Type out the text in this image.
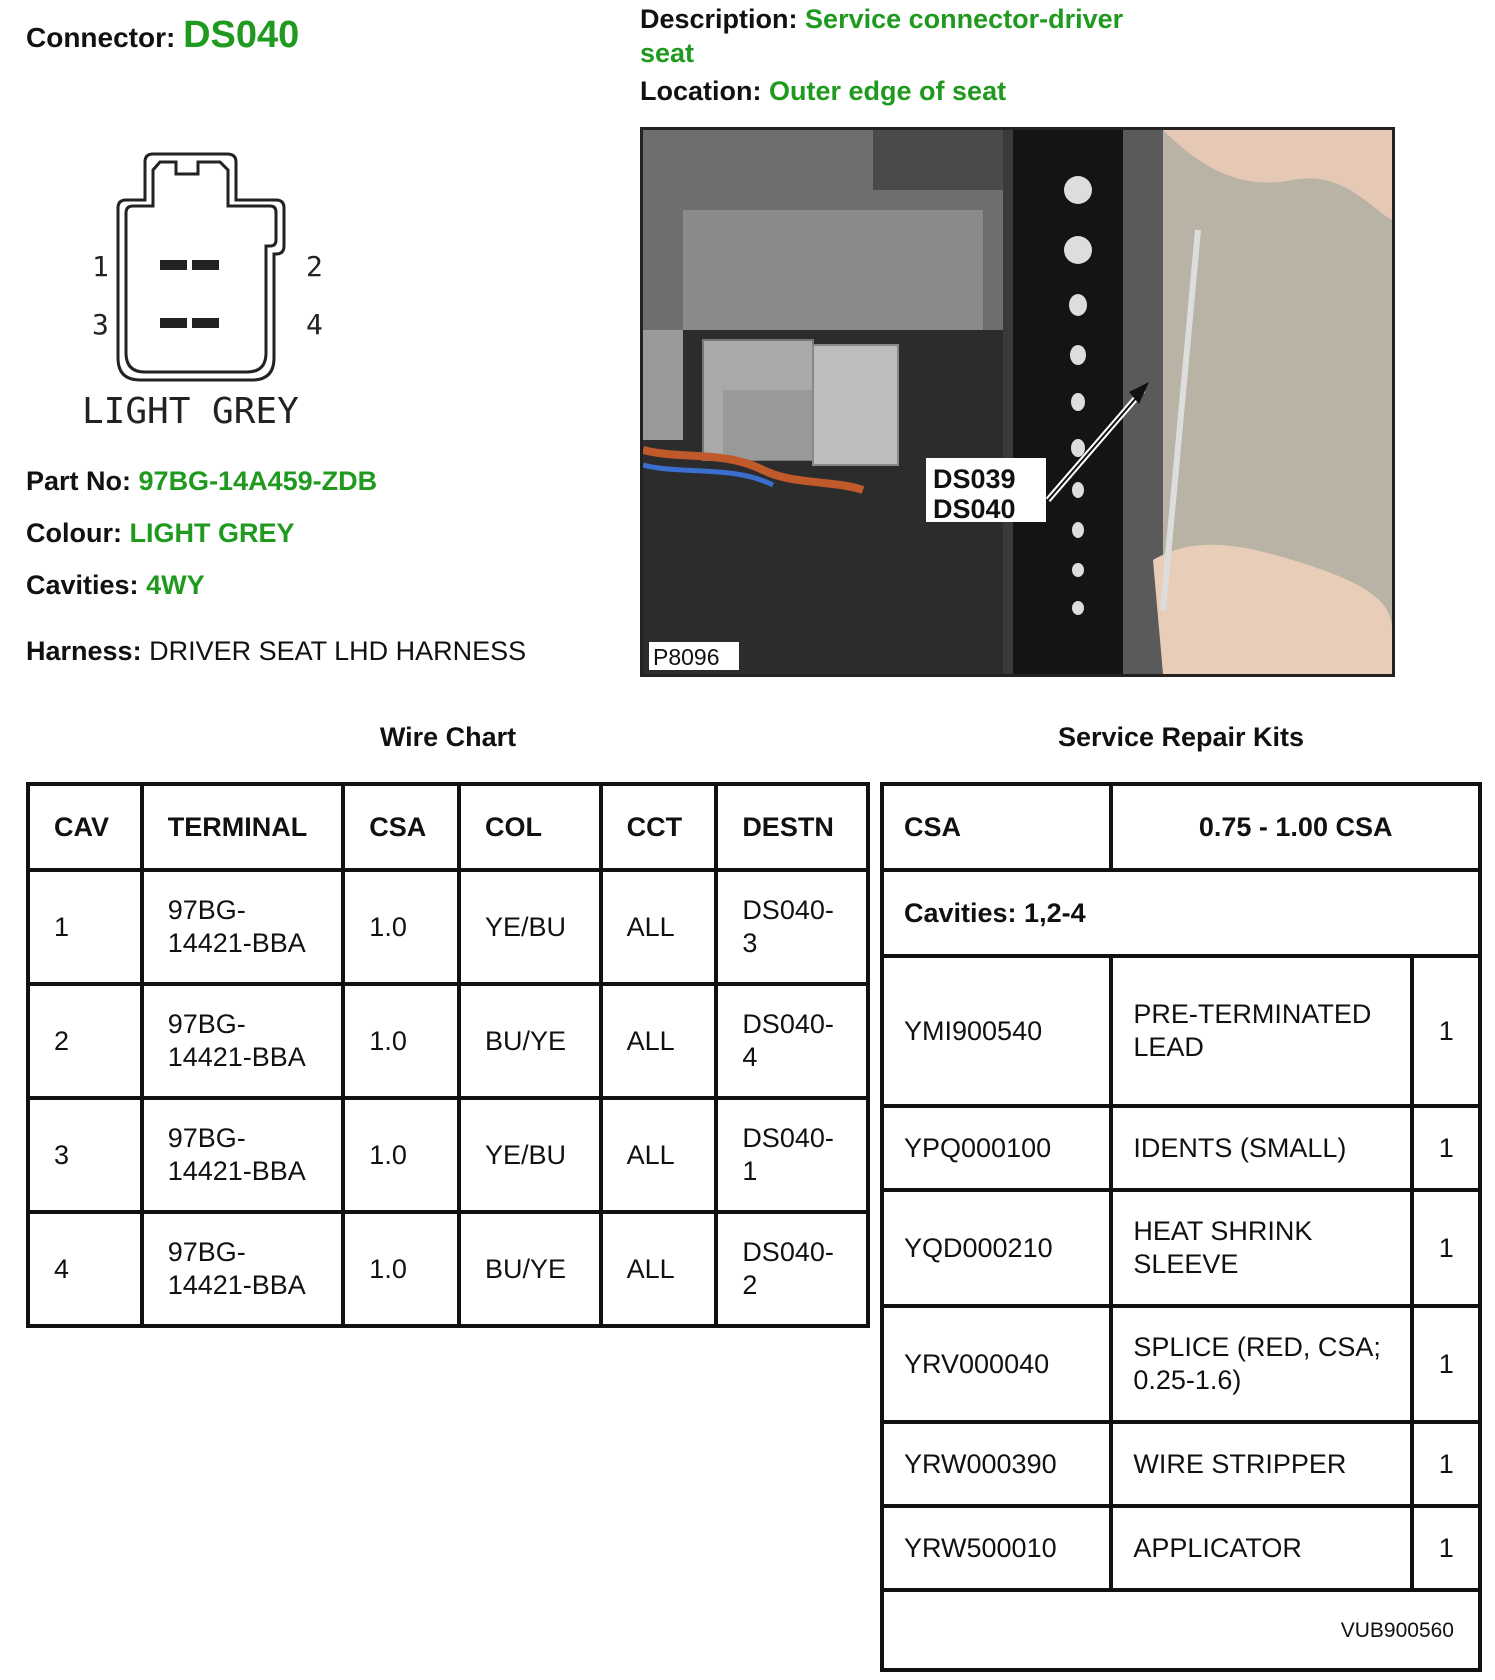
Connector: DS040	Description: Service connector-driver seat
Location: Outer edge of seat
1	2
3	4
LIGHT GREY
Part No: 97BG-14A459-ZDB
Colour: LIGHT GREY
Cavities: 4WY
Harness: DRIVER SEAT LHD HARNESS
DS039
DS040
P8096
Wire Chart	Service Repair Kits
CAV	TERMINAL	CSA	COL	CCT	DESTN
1	97BG-14421-BBA	1.0	YE/BU	ALL	DS040-3
2	97BG-14421-BBA	1.0	BU/YE	ALL	DS040-4
3	97BG-14421-BBA	1.0	YE/BU	ALL	DS040-1
4	97BG-14421-BBA	1.0	BU/YE	ALL	DS040-2
CSA	0.75 - 1.00 CSA	
Cavities: 1,2-4		
YMI900540	PRE-TERMINATED LEAD	1
YPQ000100	IDENTS (SMALL)	1
YQD000210	HEAT SHRINK SLEEVE	1
YRV000040	SPLICE (RED, CSA; 0.25-1.6)	1
YRW000390	WIRE STRIPPER	1
YRW500010	APPLICATOR	1
VUB900560		
